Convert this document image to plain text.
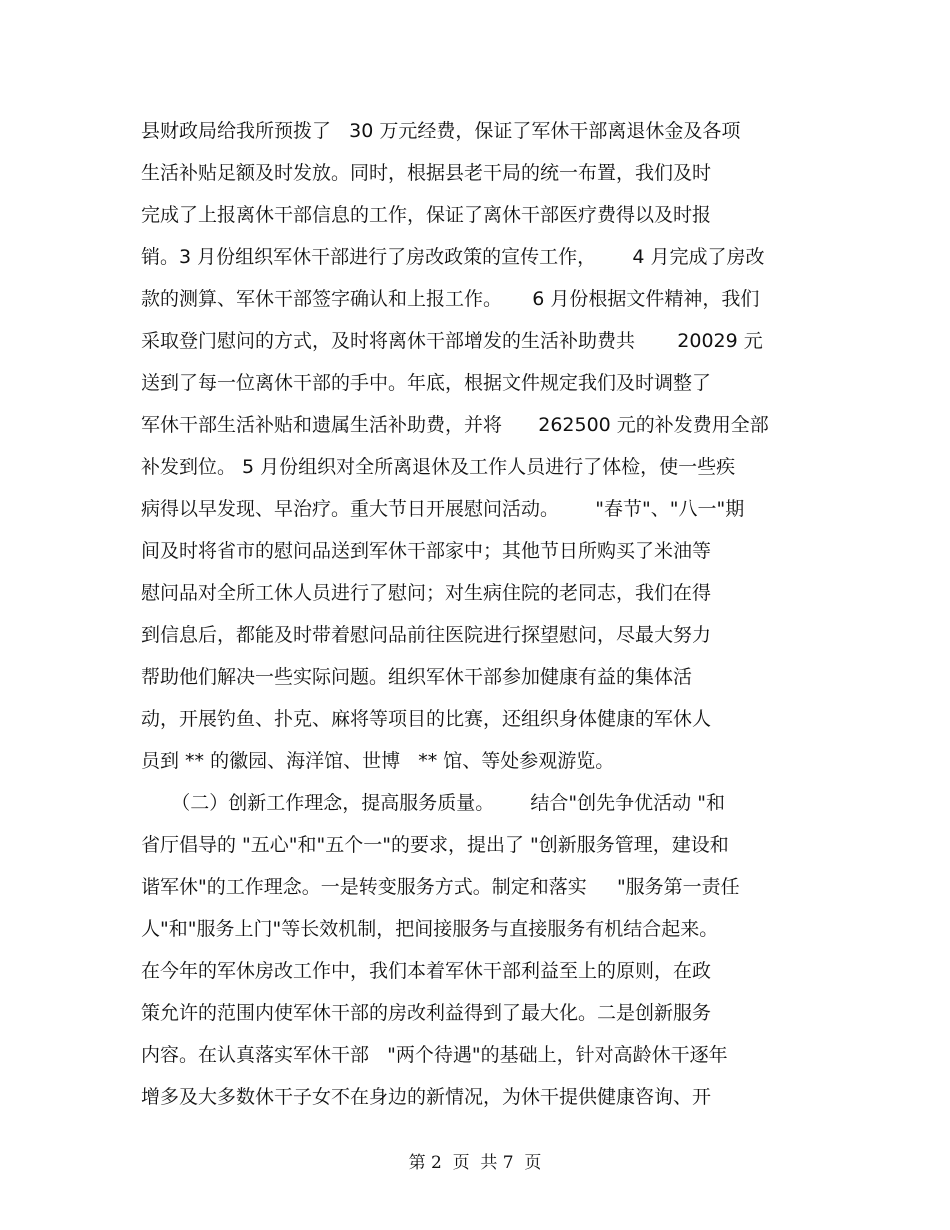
县财政局给我所预拨了   30 万元经费，保证了军休干部离退休金及各项
生活补贴足额及时发放。同时，根据县老干局的统一布置，我们及时
完成了上报离休干部信息的工作，保证了离休干部医疗费得以及时报
销。3 月份组织军休干部进行了房改政策的宣传工作，      4 月完成了房改
款的测算、军休干部签字确认和上报工作。     6 月份根据文件精神，我们
采取登门慰问的方式，及时将离休干部增发的生活补助费共       20029 元
送到了每一位离休干部的手中。年底，根据文件规定我们及时调整了
军休干部生活补贴和遗属生活补助费，并将      262500 元的补发费用全部
补发到位。 5 月份组织对全所离退休及工作人员进行了体检，使一些疾
病得以早发现、早治疗。重大节日开展慰问活动。      "春节"、"八一"期
间及时将省市的慰问品送到军休干部家中；其他节日所购买了米油等
慰问品对全所工休人员进行了慰问；对生病住院的老同志，我们在得
到信息后，都能及时带着慰问品前往医院进行探望慰问，尽最大努力
帮助他们解决一些实际问题。组织军休干部参加健康有益的集体活
动，开展钓鱼、扑克、麻将等项目的比赛，还组织身体健康的军休人
员到 ** 的徽园、海洋馆、世博   ** 馆、等处参观游览。
（二）创新工作理念，提高服务质量。      结合"创先争优活动 "和
省厅倡导的 "五心"和"五个一"的要求，提出了 "创新服务管理，建设和
谐军休"的工作理念。一是转变服务方式。制定和落实     "服务第一责任
人"和"服务上门"等长效机制，把间接服务与直接服务有机结合起来。
在今年的军休房改工作中，我们本着军休干部利益至上的原则，在政
策允许的范围内使军休干部的房改利益得到了最大化。二是创新服务
内容。在认真落实军休干部   "两个待遇"的基础上，针对高龄休干逐年
增多及大多数休干子女不在身边的新情况，为休干提供健康咨询、开
第 2  页  共 7  页
